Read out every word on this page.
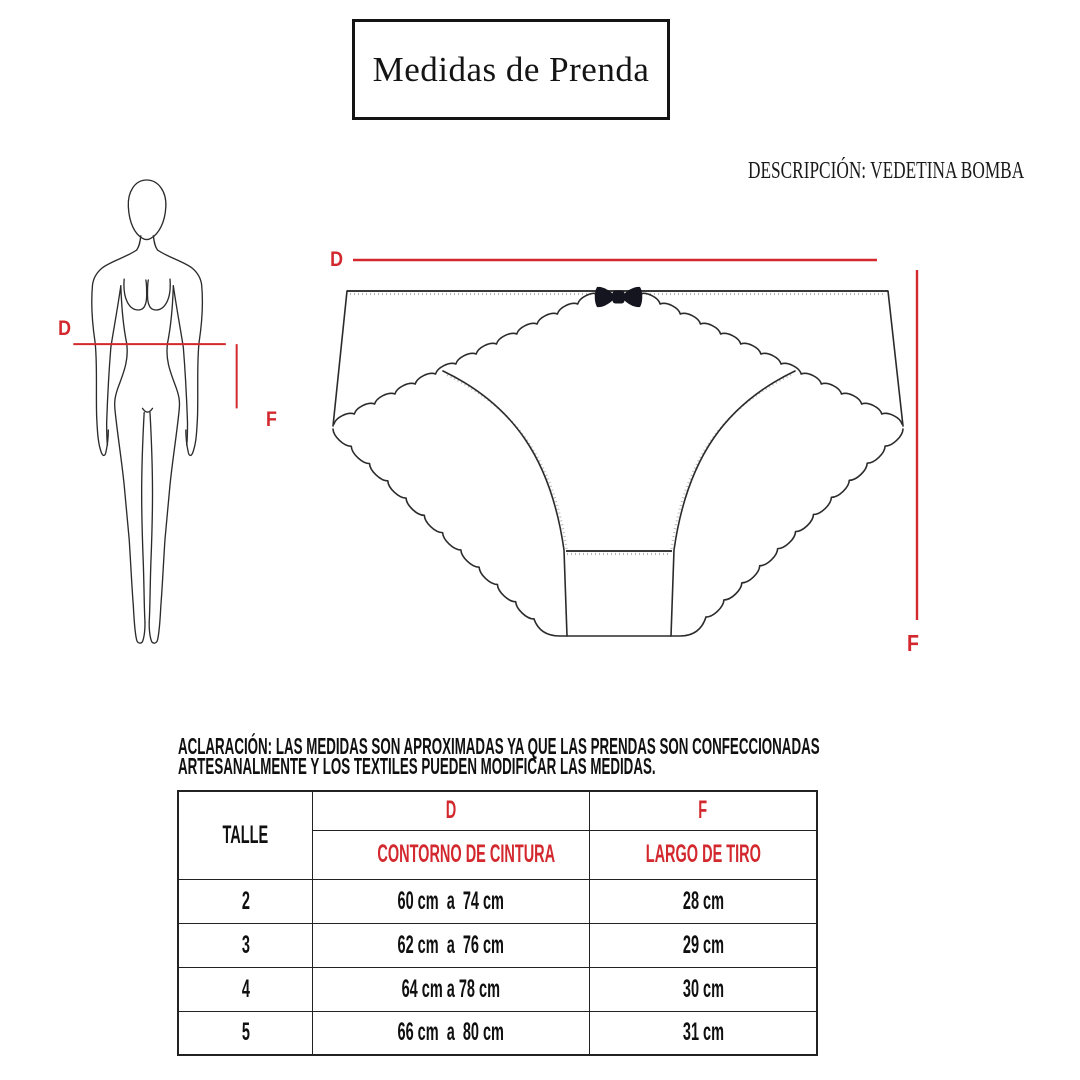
Medidas de Prenda
DESCRIPCIÓN: VEDETINA BOMBA
D
F
D
F
ACLARACIÓN: LAS MEDIDAS SON APROXIMADAS YA QUE LAS PRENDAS SON CONFECCIONADAS
ARTESANALMENTE Y LOS TEXTILES PUEDEN MODIFICAR LAS MEDIDAS.
TALLE	D	F
	CONTORNO DE CINTURA	LARGO DE TIRO
2	60 cm  a  74 cm	28 cm
3	62 cm  a  76 cm	29 cm
4	64 cm a 78 cm	30 cm
5	66 cm  a  80 cm	31 cm
